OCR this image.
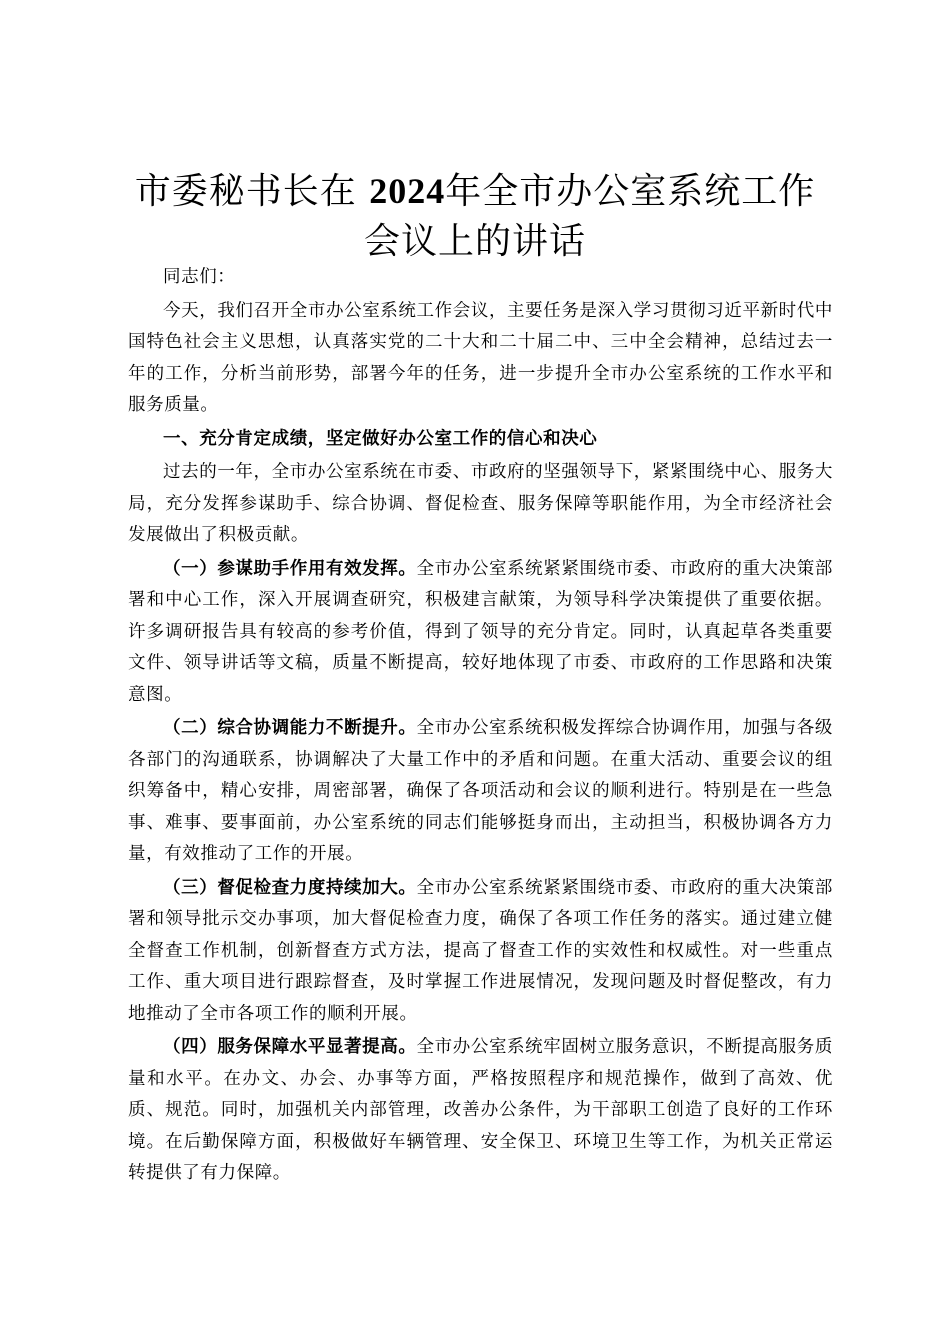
市委秘书长在 2024年全市办公室系统工作会议上的讲话

同志们：

今天，我们召开全市办公室系统工作会议，主要任务是深入学习贯彻习近平新时代中国特色社会主义思想，认真落实党的二十大和二十届二中、三中全会精神，总结过去一年的工作，分析当前形势，部署今年的任务，进一步提升全市办公室系统的工作水平和服务质量。

一、充分肯定成绩，坚定做好办公室工作的信心和决心

过去的一年，全市办公室系统在市委、市政府的坚强领导下，紧紧围绕中心、服务大局，充分发挥参谋助手、综合协调、督促检查、服务保障等职能作用，为全市经济社会发展做出了积极贡献。

（一）参谋助手作用有效发挥。全市办公室系统紧紧围绕市委、市政府的重大决策部署和中心工作，深入开展调查研究，积极建言献策，为领导科学决策提供了重要依据。许多调研报告具有较高的参考价值，得到了领导的充分肯定。同时，认真起草各类重要文件、领导讲话等文稿，质量不断提高，较好地体现了市委、市政府的工作思路和决策意图。

（二）综合协调能力不断提升。全市办公室系统积极发挥综合协调作用，加强与各级各部门的沟通联系，协调解决了大量工作中的矛盾和问题。在重大活动、重要会议的组织筹备中，精心安排，周密部署，确保了各项活动和会议的顺利进行。特别是在一些急事、难事、要事面前，办公室系统的同志们能够挺身而出，主动担当，积极协调各方力量，有效推动了工作的开展。

（三）督促检查力度持续加大。全市办公室系统紧紧围绕市委、市政府的重大决策部署和领导批示交办事项，加大督促检查力度，确保了各项工作任务的落实。通过建立健全督查工作机制，创新督查方式方法，提高了督查工作的实效性和权威性。对一些重点工作、重大项目进行跟踪督查，及时掌握工作进展情况，发现问题及时督促整改，有力地推动了全市各项工作的顺利开展。

（四）服务保障水平显著提高。全市办公室系统牢固树立服务意识，不断提高服务质量和水平。在办文、办会、办事等方面，严格按照程序和规范操作，做到了高效、优质、规范。同时，加强机关内部管理，改善办公条件，为干部职工创造了良好的工作环境。在后勤保障方面，积极做好车辆管理、安全保卫、环境卫生等工作，为机关正常运转提供了有力保障。
